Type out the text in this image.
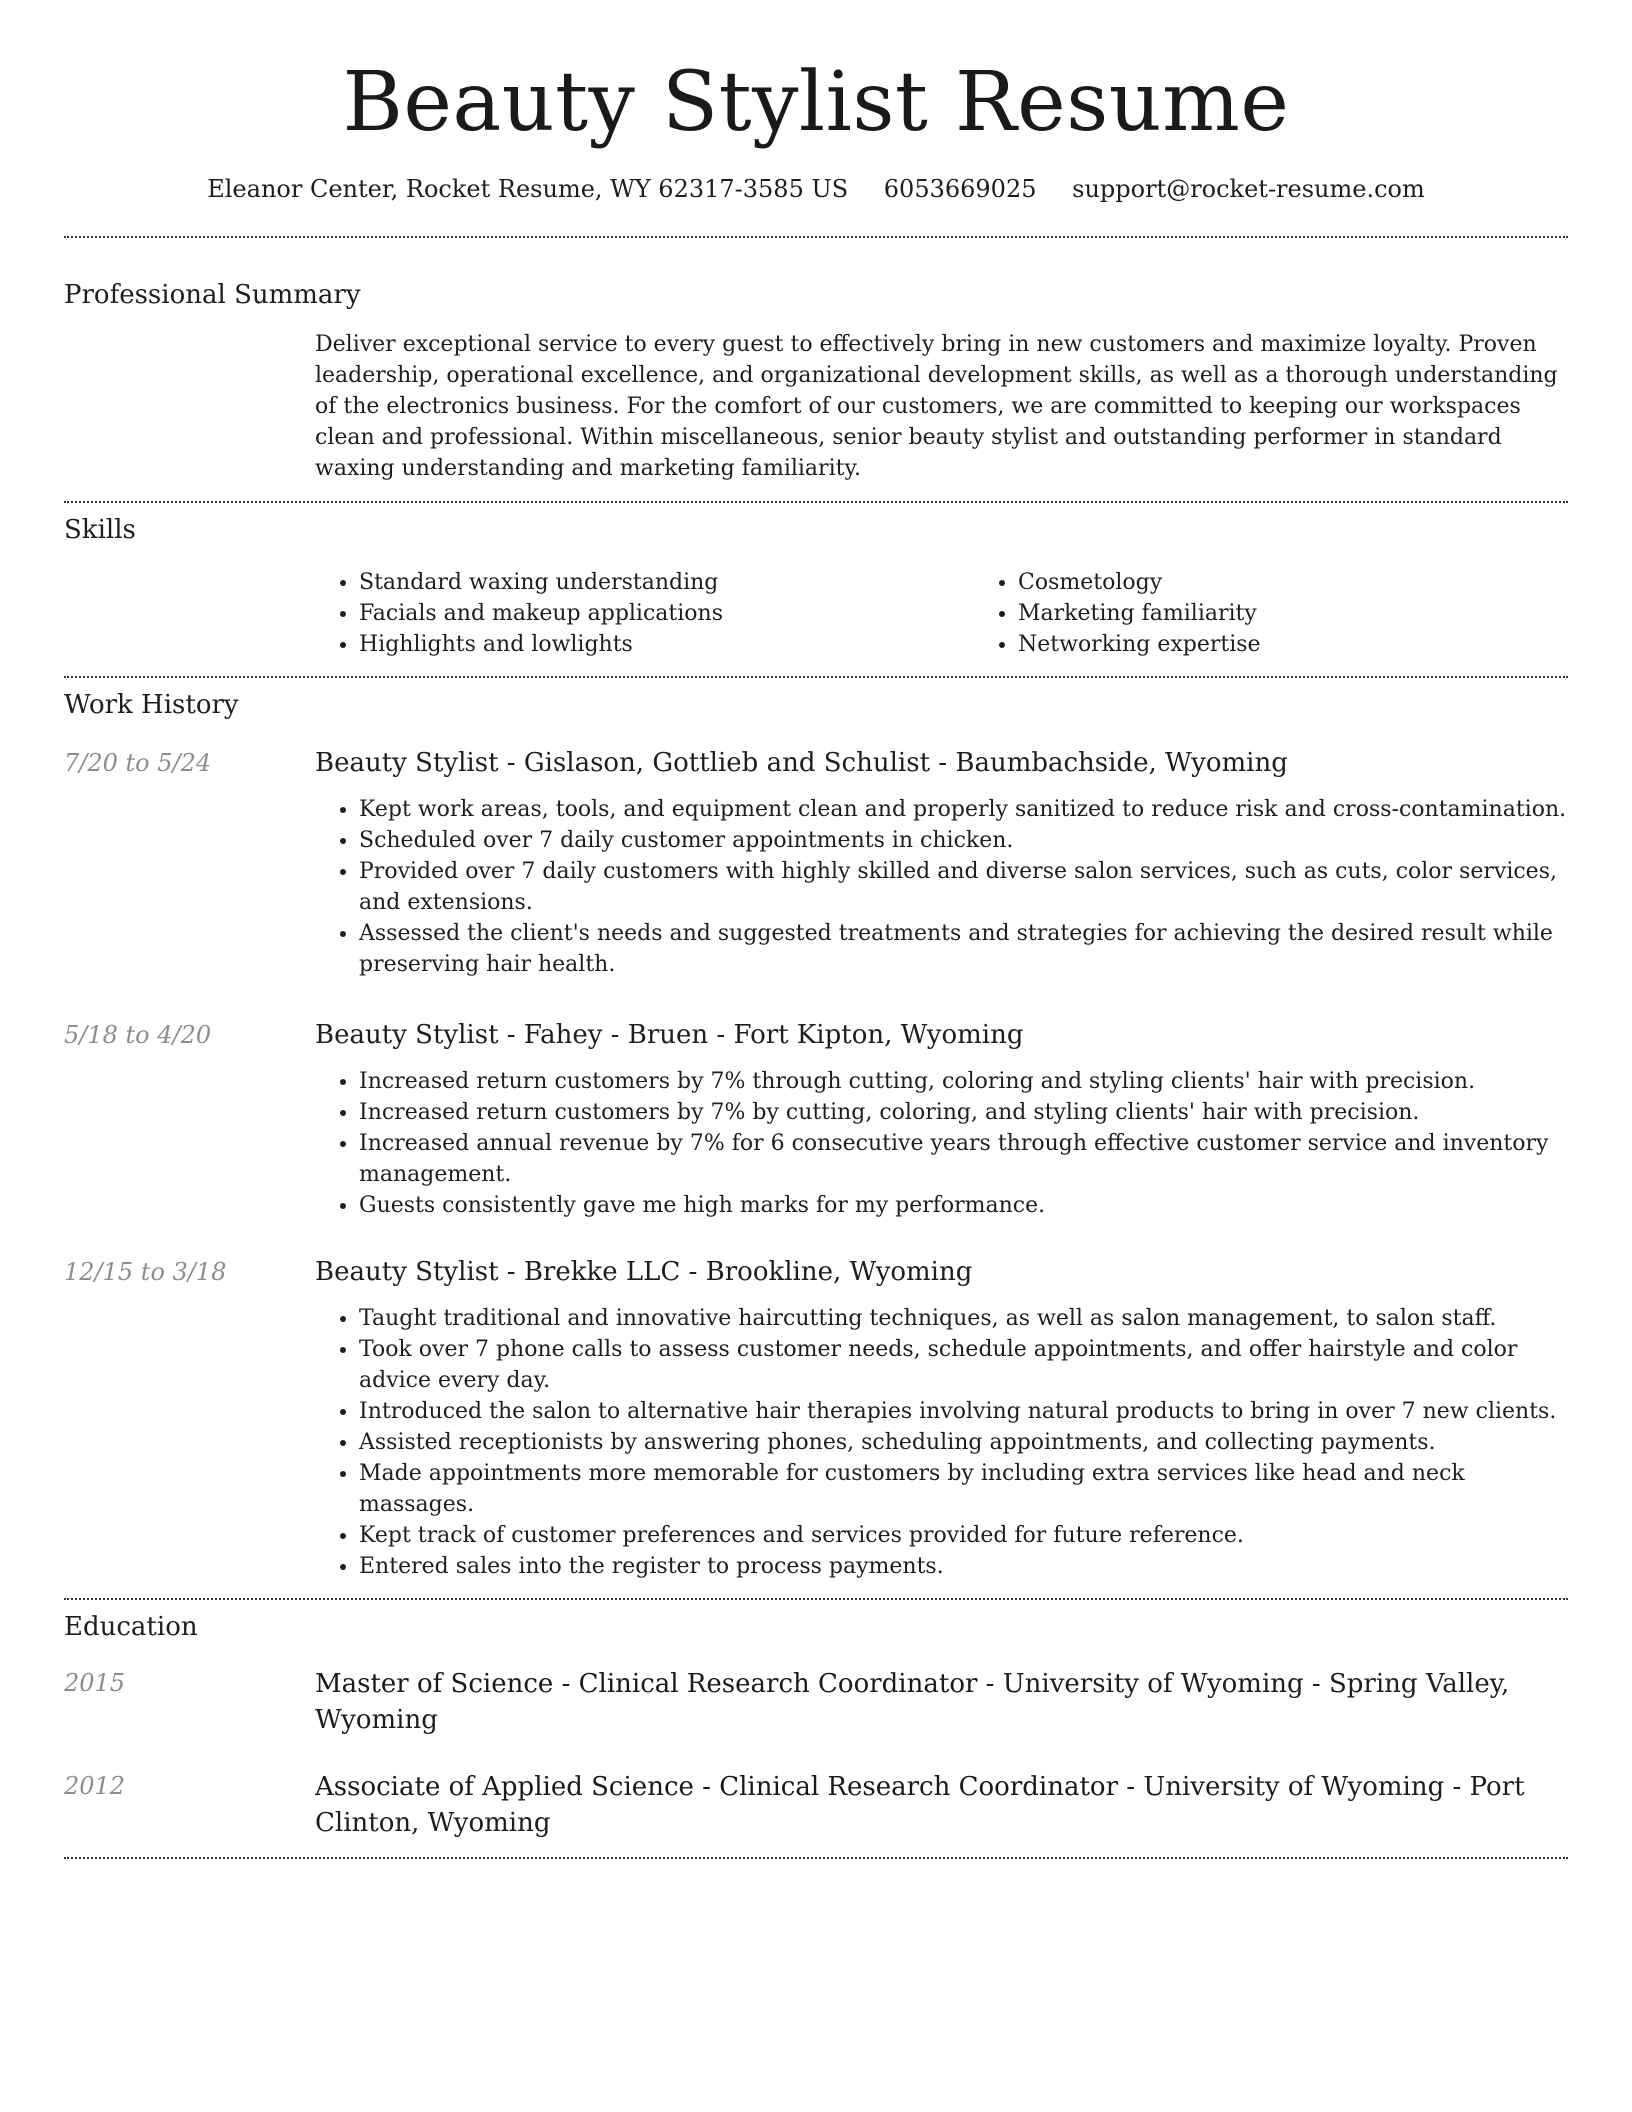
Beauty Stylist Resume
Eleanor Center, Rocket Resume, WY 62317-3585 US 6053669025 support@rocket-resume.com
Professional Summary

Deliver exceptional service to every guest to effectively bring in new customers and maximize loyalty. Proven leadership, operational excellence, and organizational development skills, as well as a thorough understanding of the electronics business. For the comfort of our customers, we are committed to keeping our workspaces clean and professional. Within miscellaneous, senior beauty stylist and outstanding performer in standard waxing understanding and marketing familiarity.

Skills
• Standard waxing understanding
• Facials and makeup applications
• Highlights and lowlights
• Cosmetology
• Marketing familiarity
• Networking expertise
Work History
7/20 to 5/24	Beauty Stylist - Gislason, Gottlieb and Schulist - Baumbachside, Wyoming
• Kept work areas, tools, and equipment clean and properly sanitized to reduce risk and cross-contamination.
• Scheduled over 7 daily customer appointments in chicken.
• Provided over 7 daily customers with highly skilled and diverse salon services, such as cuts, color services, and extensions.
• Assessed the client's needs and suggested treatments and strategies for achieving the desired result while preserving hair health.
5/18 to 4/20	Beauty Stylist - Fahey - Bruen - Fort Kipton, Wyoming
• Increased return customers by 7% through cutting, coloring and styling clients' hair with precision.
• Increased return customers by 7% by cutting, coloring, and styling clients' hair with precision.
• Increased annual revenue by 7% for 6 consecutive years through effective customer service and inventory management.
• Guests consistently gave me high marks for my performance.
12/15 to 3/18	Beauty Stylist - Brekke LLC - Brookline, Wyoming
• Taught traditional and innovative haircutting techniques, as well as salon management, to salon staff.
• Took over 7 phone calls to assess customer needs, schedule appointments, and offer hairstyle and color advice every day.
• Introduced the salon to alternative hair therapies involving natural products to bring in over 7 new clients.
• Assisted receptionists by answering phones, scheduling appointments, and collecting payments.
• Made appointments more memorable for customers by including extra services like head and neck massages.
• Kept track of customer preferences and services provided for future reference.
• Entered sales into the register to process payments.
Education
2015	Master of Science - Clinical Research Coordinator - University of Wyoming - Spring Valley, Wyoming
2012	Associate of Applied Science - Clinical Research Coordinator - University of Wyoming - Port Clinton, Wyoming
